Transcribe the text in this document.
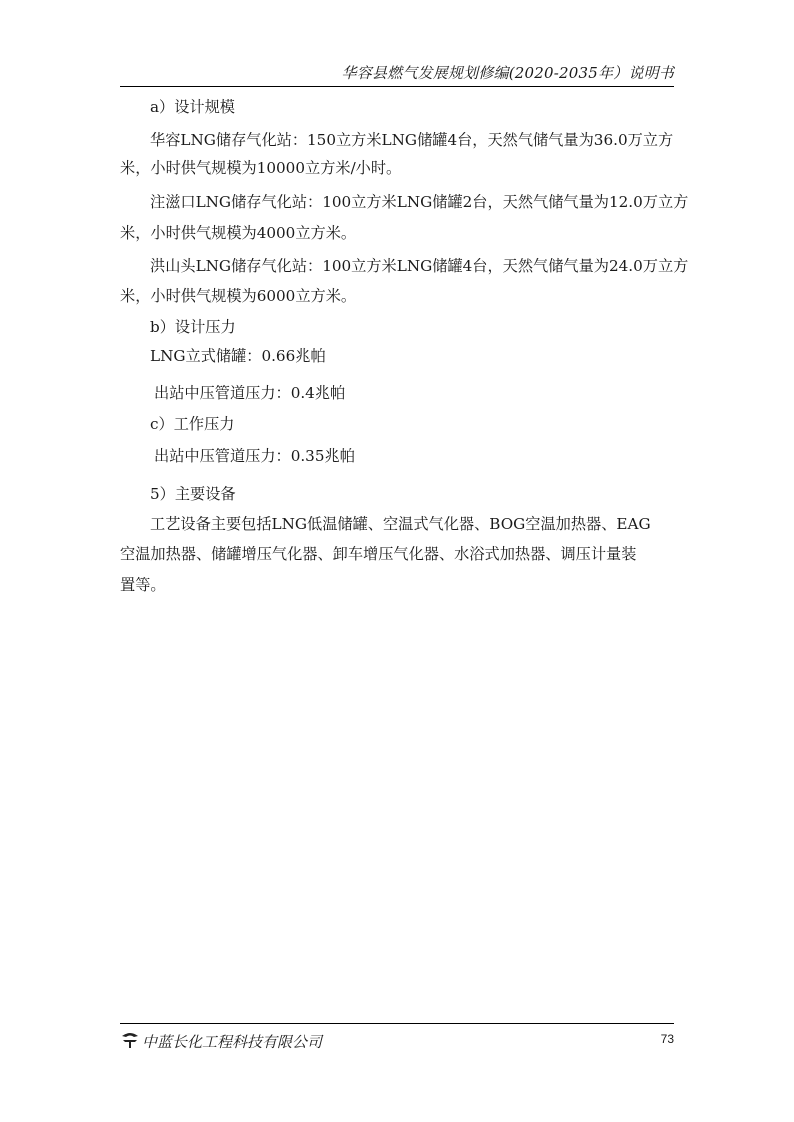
华容县燃气发展规划修编(2020-2035年）说明书
a）设计规模
华容LNG储存气化站：150立方米LNG储罐4台，天然气储气量为36.0万立方
米，小时供气规模为10000立方米/小时。
注滋口LNG储存气化站：100立方米LNG储罐2台，天然气储气量为12.0万立方
米，小时供气规模为4000立方米。
洪山头LNG储存气化站：100立方米LNG储罐4台，天然气储气量为24.0万立方
米，小时供气规模为6000立方米。
b）设计压力
LNG立式储罐：0.66兆帕
出站中压管道压力：0.4兆帕
c）工作压力
出站中压管道压力：0.35兆帕
5）主要设备
工艺设备主要包括LNG低温储罐、空温式气化器、BOG空温加热器、EAG
空温加热器、储罐增压气化器、卸车增压气化器、水浴式加热器、调压计量装
置等。
中蓝长化工程科技有限公司	73
